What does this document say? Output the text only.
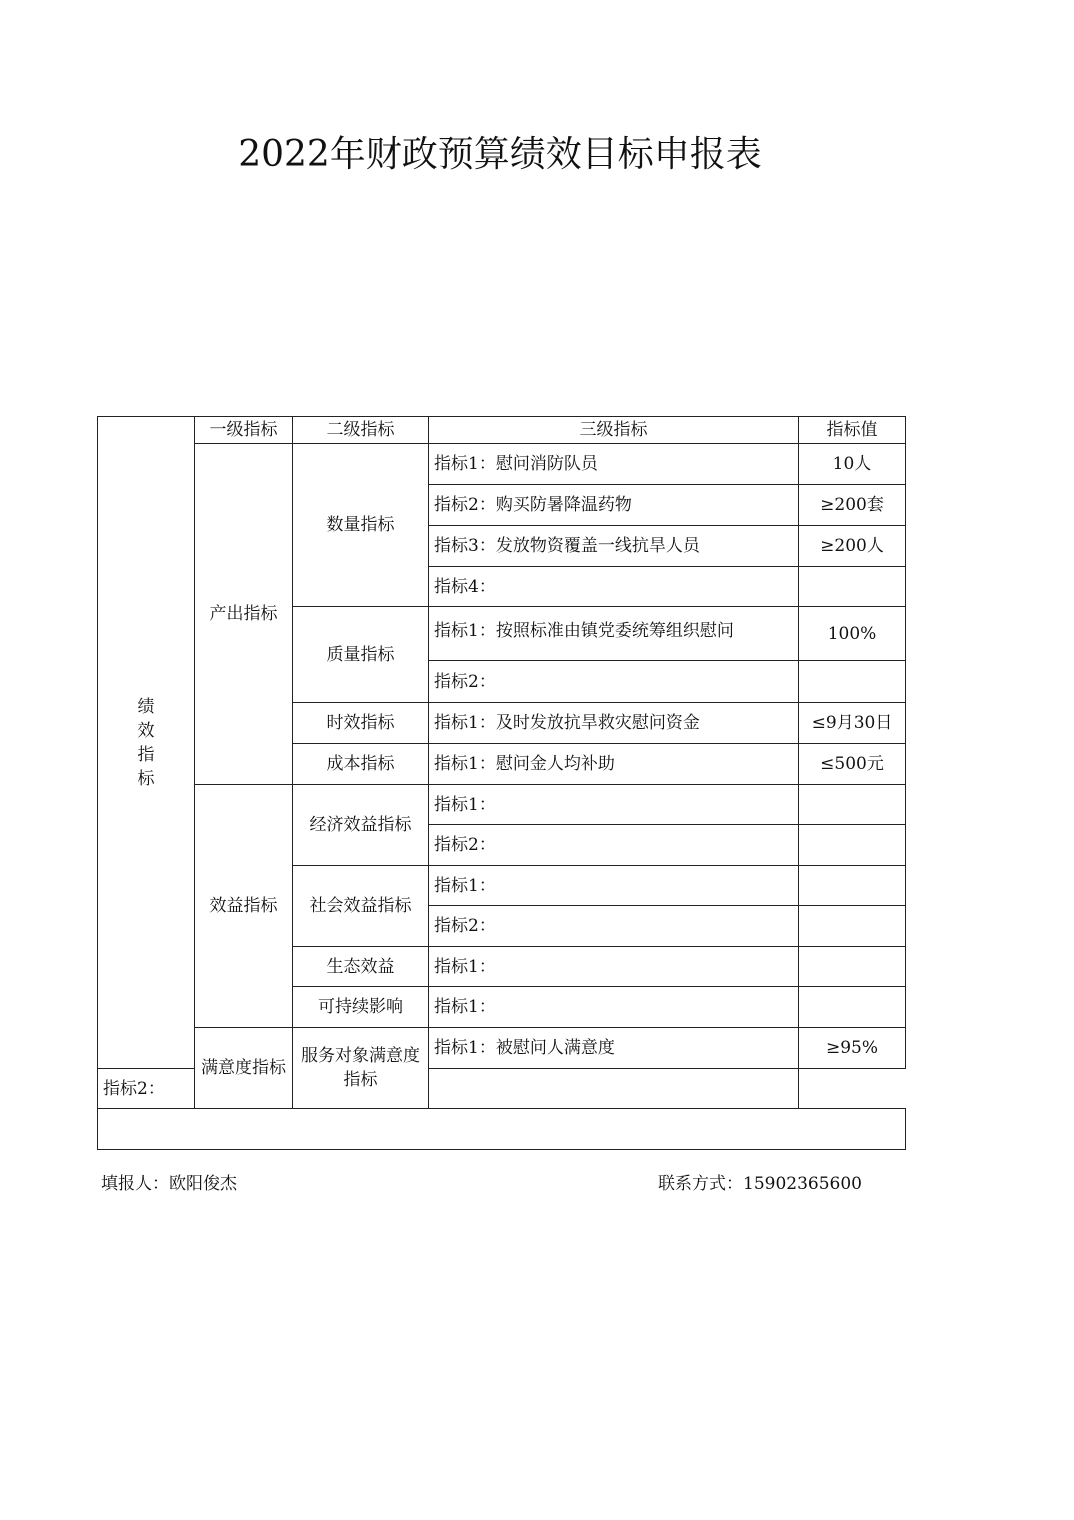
2022年财政预算绩效目标申报表
绩效指标	一级指标	二级指标	三级指标	指标值
	产出指标	数量指标	指标1：慰问消防队员	10人
			指标2：购买防暑降温药物	≥200套
			指标3：发放物资覆盖一线抗旱人员	≥200人
			指标4：	
		质量指标	指标1：按照标准由镇党委统筹组织慰问	100%
			指标2：	
		时效指标	指标1：及时发放抗旱救灾慰问资金	≤9月30日
		成本指标	指标1：慰问金人均补助	≤500元
	效益指标	经济效益指标	指标1：	
			指标2：	
		社会效益指标	指标1：	
			指标2：	
		生态效益	指标1：	
		可持续影响	指标1：	
	满意度指标	服务对象满意度指标	指标1：被慰问人满意度	≥95%
指标2：				

填报人：欧阳俊杰	联系方式：15902365600
